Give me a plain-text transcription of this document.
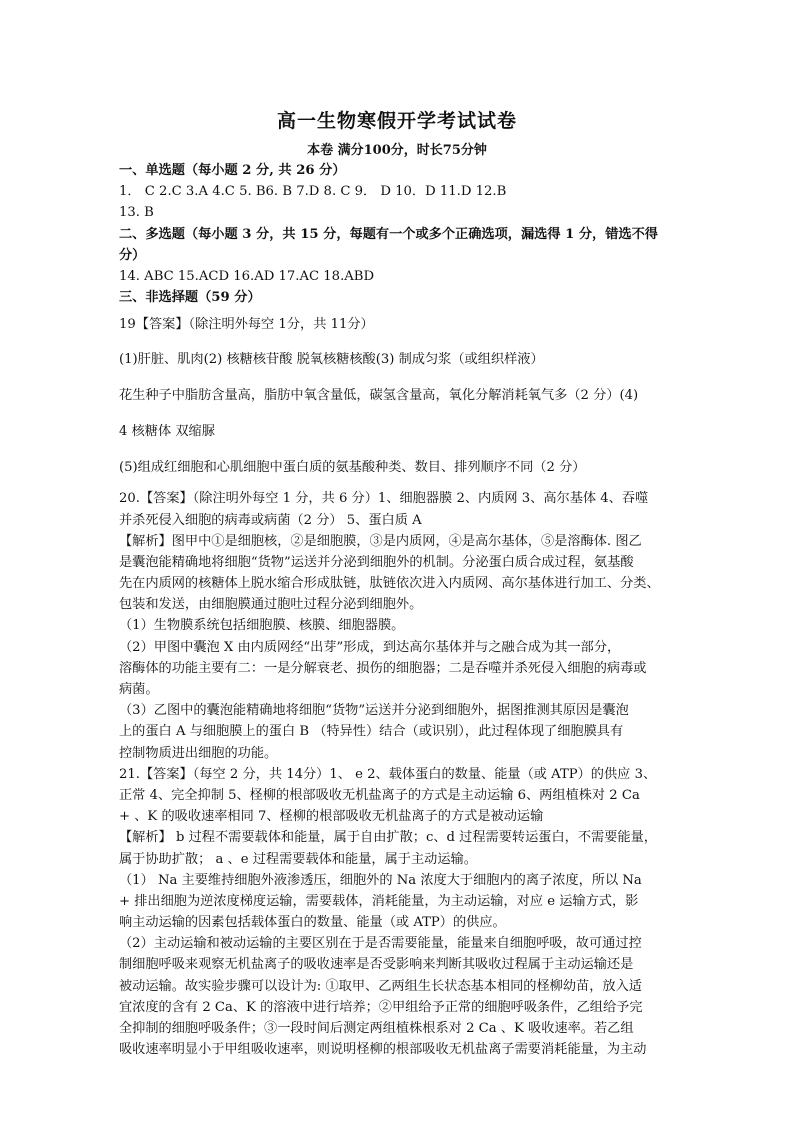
高一生物寒假开学考试试卷
本卷 满分100分，时长75分钟
一、单选题（每小题 2 分, 共 26 分）
1． C 2.C 3.A 4.C 5. B6. B 7.D 8. C 9． D 10．D 11.D 12.B
13. B
二、多选题（每小题 3 分，共 15 分，每题有一个或多个正确选项，漏选得 1 分，错选不得
分）
14. ABC 15.ACD 16.AD 17.AC 18.ABD
三、非选择题（59 分）
19【答案】（除注明外每空 1分，共 11分）
(1)肝脏、肌肉(2) 核糖核苷酸 脱氧核糖核酸(3) 制成匀浆（或组织样液）
花生种子中脂肪含量高，脂肪中氧含量低，碳氢含量高，氧化分解消耗氧气多（2 分）(4)
4 核糖体 双缩脲
(5)组成红细胞和心肌细胞中蛋白质的氨基酸种类、数目、排列顺序不同（2 分）
20.【答案】（除注明外每空 1 分，共 6 分）1、细胞器膜 2、内质网 3、高尔基体 4、吞噬
并杀死侵入细胞的病毒或病菌（2 分） 5、蛋白质 A
【解析】图甲中①是细胞核，②是细胞膜，③是内质网，④是高尔基体，⑤是溶酶体. 图乙
是囊泡能精确地将细胞“货物”运送并分泌到细胞外的机制。分泌蛋白质合成过程，氨基酸
先在内质网的核糖体上脱水缩合形成肽链，肽链依次进入内质网、高尔基体进行加工、分类、
包装和发送，由细胞膜通过胞吐过程分泌到细胞外。
（1）生物膜系统包括细胞膜、核膜、细胞器膜。
（2）甲图中囊泡 X 由内质网经“出芽”形成，到达高尔基体并与之融合成为其一部分，
溶酶体的功能主要有二：一是分解衰老、损伤的细胞器；二是吞噬并杀死侵入细胞的病毒或
病菌。
（3）乙图中的囊泡能精确地将细胞“货物”运送并分泌到细胞外，据图推测其原因是囊泡
上的蛋白 A 与细胞膜上的蛋白 B （特异性）结合（或识别），此过程体现了细胞膜具有
控制物质进出细胞的功能。
21.【答案】（每空 2 分，共 14分）1、 e 2、载体蛋白的数量、能量（或 ATP）的供应 3、
正常 4、完全抑制 5、柽柳的根部吸收无机盐离子的方式是主动运输 6、两组植株对 2 Ca
+ 、K 的吸收速率相同 7、柽柳的根部吸收无机盐离子的方式是被动运输
【解析】 b 过程不需要载体和能量，属于自由扩散；c、d 过程需要转运蛋白，不需要能量，
属于协助扩散； a 、e 过程需要载体和能量，属于主动运输。
（1） Na 主要维持细胞外液渗透压，细胞外的 Na 浓度大于细胞内的离子浓度，所以 Na
+ 排出细胞为逆浓度梯度运输，需要载体，消耗能量，为主动运输，对应 e 运输方式，影
响主动运输的因素包括载体蛋白的数量、能量（或 ATP）的供应。
（2）主动运输和被动运输的主要区别在于是否需要能量，能量来自细胞呼吸，故可通过控
制细胞呼吸来观察无机盐离子的吸收速率是否受影响来判断其吸收过程属于主动运输还是
被动运输。故实验步骤可以设计为: ①取甲、乙两组生长状态基本相同的柽柳幼苗，放入适
宜浓度的含有 2 Ca、K 的溶液中进行培养；②甲组给予正常的细胞呼吸条件，乙组给予完
全抑制的细胞呼吸条件；③一段时间后测定两组植株根系对 2 Ca 、K 吸收速率。若乙组
吸收速率明显小于甲组吸收速率，则说明柽柳的根部吸收无机盐离子需要消耗能量，为主动
